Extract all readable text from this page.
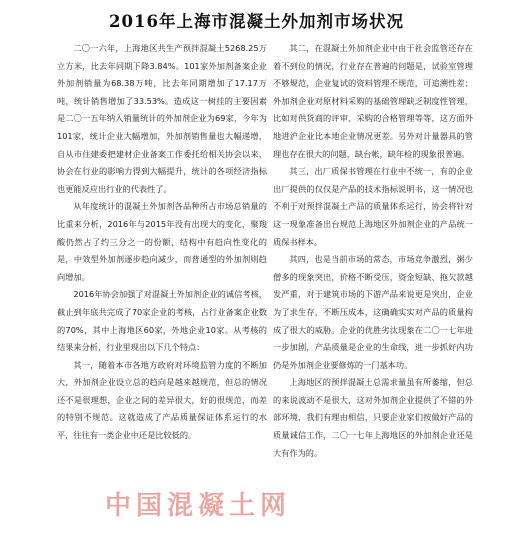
2016年上海市混凝土外加剂市场状况

二〇一六年，上海地区共生产预拌混凝土5268.25万立方米，比去年同期下降3.84%。101家外加剂备案企业外加剂销量为68.38万吨，比去年同期增加了17.17万吨，统计销售增加了33.53%。造成这一树挂的主要因素是二〇一五年纳入销量统计的外加剂企业为69家，今年为101家，统计企业大幅增加，外加剂销售量也大幅递增，自从市住建委把建材企业备案工作委托给相关协会以来，协会在行业的影响力得到大幅提升，统计的各项经济指标也更能反应出行业的代表性了。

从年度统计的混凝土外加剂各品种所占市场总销量的比重来分析，2016年与2015年没有出现大的变化，聚羧酸仍然占了约三分之一的份额，结构中有趋向性变化的是，中效型外加剂逐步趋向减少，而普通型的外加剂则趋向增加。

2016年协会加强了对混凝土外加剂企业的诚信考核，截止到年底共完成了70家企业的考核，占行业备案企业数的70%，其中上海地区60家，外地企业10家。从考核的结果来分析，行业里现出以下几个特点：

其一，随着本市各地方政府对环境监管力度的不断加大，外加剂企业设立总的趋向是越来越规范，但总的情况还不是很理想，企业之间的差异很大，好的很规范，而差的特别不规范。这就造成了产品质量保证体系运行的水平，往往有一类企业中还是比较低的。

其二，在混凝土外加剂企业中由于社会监管还存在着不到位的情况，行业存在普遍的问题是，试验室管理不够规范，企业复试的资料管理不规范，可追溯性差；外加剂企业对原材料采购的基础管理缺乏制度性管理，比如对供货商的评审、采购的合格管理等等，这方面外地进沪企业比本地企业情况更差。另外对计量器具的管理也存在很大的问题，缺台帐，缺年检的现象很普遍。

其三，出厂质保书管理在行业中不统一，有的企业出厂提供的仅仅是产品的技术指标说明书，这一情况也不利于对预拌混凝土产品的质量体系运行，协会将针对这一现象准备出台规范上海地区外加剂企业的产品统一质保书样本。

其四，也是当前市场的常态，市场竞争激烈，粥少僧多的现象突出，价格不断受压，资金短缺、拖欠款越发严重，对于建筑市场的下游产品来说更是突出，企业为了求生存，不断压成本，这确确实实对产品的质量构成了很大的威胁。企业的优胜劣汰现象在二〇一七年进一步加剧，产品质量是企业的生命线，进一步抓好内功仍是外加剂企业要修炼的一门基本功。

上海地区的预拌混凝土总需求量虽有所萎缩，但总的来说波动不是很大，这对外加剂企业提供了不错的外部环境，我们有理由相信，只要企业家们按做好产品的质量诚信工作，二〇一七年上海地区的外加剂企业还是大有作为的。

中国混凝土网
